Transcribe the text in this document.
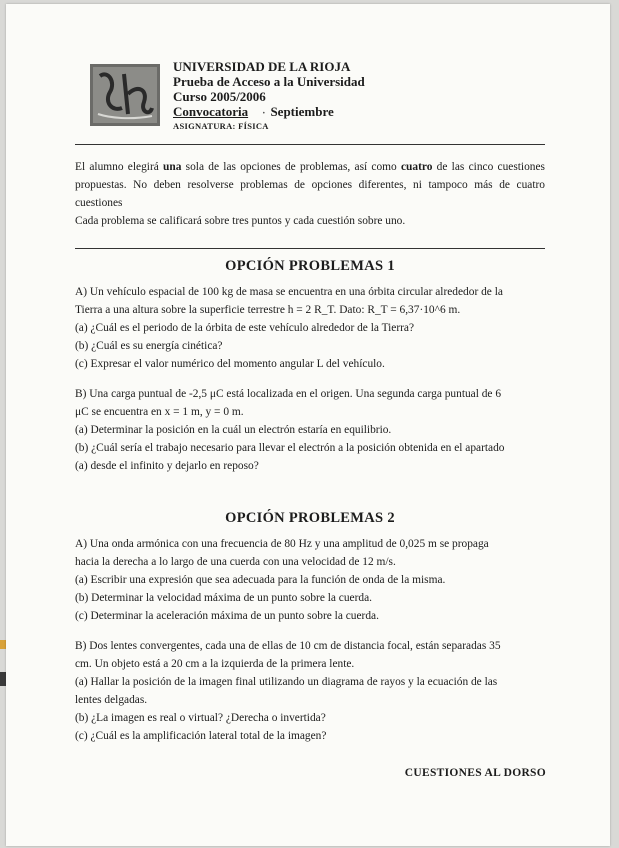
UNIVERSIDAD DE LA RIOJA
Prueba de Acceso a la Universidad
Curso 2005/2006
Convocatoria · Septiembre
ASIGNATURA: FÍSICA

El alumno elegirá una sola de las opciones de problemas, así como cuatro de las cinco cuestiones propuestas. No deben resolverse problemas de opciones diferentes, ni tampoco más de cuatro cuestiones

Cada problema se calificará sobre tres puntos y cada cuestión sobre uno.

OPCIÓN PROBLEMAS 1

A) Un vehículo espacial de 100 kg de masa se encuentra en una órbita circular alrededor de la

Tierra a una altura sobre la superficie terrestre h = 2 R_T. Dato: R_T = 6,37·10^6 m.

(a) ¿Cuál es el periodo de la órbita de este vehículo alrededor de la Tierra?

(b) ¿Cuál es su energía cinética?

(c) Expresar el valor numérico del momento angular L del vehículo.

B) Una carga puntual de -2,5 μC está localizada en el origen. Una segunda carga puntual de 6

μC se encuentra en x = 1 m, y = 0 m.

(a) Determinar la posición en la cuál un electrón estaría en equilibrio.

(b) ¿Cuál sería el trabajo necesario para llevar el electrón a la posición obtenida en el apartado

(a) desde el infinito y dejarlo en reposo?

OPCIÓN PROBLEMAS 2

A) Una onda armónica con una frecuencia de 80 Hz y una amplitud de 0,025 m se propaga

hacia la derecha a lo largo de una cuerda con una velocidad de 12 m/s.

(a) Escribir una expresión que sea adecuada para la función de onda de la misma.

(b) Determinar la velocidad máxima de un punto sobre la cuerda.

(c) Determinar la aceleración máxima de un punto sobre la cuerda.

B) Dos lentes convergentes, cada una de ellas de 10 cm de distancia focal, están separadas 35

cm. Un objeto está a 20 cm a la izquierda de la primera lente.

(a) Hallar la posición de la imagen final utilizando un diagrama de rayos y la ecuación de las

lentes delgadas.

(b) ¿La imagen es real o virtual? ¿Derecha o invertida?

(c) ¿Cuál es la amplificación lateral total de la imagen?

CUESTIONES AL DORSO
